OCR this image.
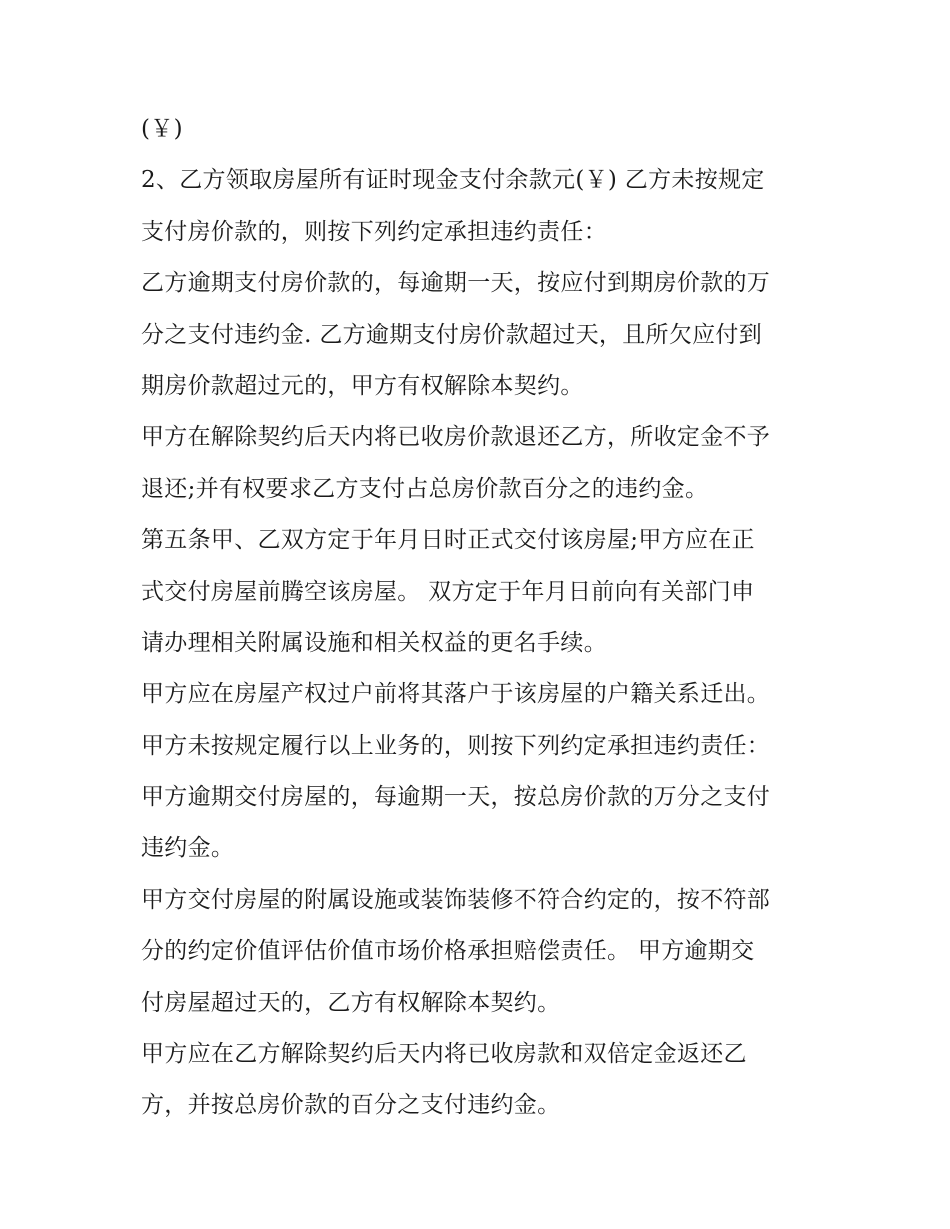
(￥)
2、乙方领取房屋所有证时现金支付余款元(￥) 乙方未按规定
支付房价款的，则按下列约定承担违约责任：
乙方逾期支付房价款的，每逾期一天，按应付到期房价款的万
分之支付违约金. 乙方逾期支付房价款超过天，且所欠应付到
期房价款超过元的，甲方有权解除本契约。
甲方在解除契约后天内将已收房价款退还乙方，所收定金不予
退还;并有权要求乙方支付占总房价款百分之的违约金。
第五条甲、乙双方定于年月日时正式交付该房屋;甲方应在正
式交付房屋前腾空该房屋。 双方定于年月日前向有关部门申
请办理相关附属设施和相关权益的更名手续。
甲方应在房屋产权过户前将其落户于该房屋的户籍关系迁出。
甲方未按规定履行以上业务的，则按下列约定承担违约责任：
甲方逾期交付房屋的，每逾期一天，按总房价款的万分之支付
违约金。
甲方交付房屋的附属设施或装饰装修不符合约定的，按不符部
分的约定价值评估价值市场价格承担赔偿责任。 甲方逾期交
付房屋超过天的，乙方有权解除本契约。
甲方应在乙方解除契约后天内将已收房款和双倍定金返还乙
方，并按总房价款的百分之支付违约金。
